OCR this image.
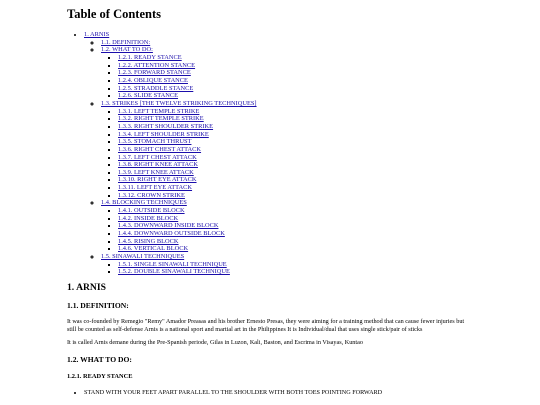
Table of Contents
• 1. ARNIS
◦ 1.1. DEFINITION:
◦ 1.2. WHAT TO DO:
▪ 1.2.1. READY STANCE
▪ 1.2.2. ATTENTION STANCE
▪ 1.2.3. FORWARD STANCE
▪ 1.2.4. OBLIQUE STANCE
▪ 1.2.5. STRADDLE STANCE
▪ 1.2.6. SLIDE STANCE
◦ 1.3. STRIKES [THE TWELVE STRIKING TECHNIQUES]
▪ 1.3.1. LEFT TEMPLE STRIKE
▪ 1.3.2. RIGHT TEMPLE STRIKE
▪ 1.3.3. RIGHT SHOULDER STRIKE
▪ 1.3.4. LEFT SHOULDER STRIKE
▪ 1.3.5. STOMACH THRUST
▪ 1.3.6. RIGHT CHEST ATTACK
▪ 1.3.7. LEFT CHEST ATTACK
▪ 1.3.8. RIGHT KNEE ATTACK
▪ 1.3.9. LEFT KNEE ATTACK
▪ 1.3.10. RIGHT EYE ATTACK
▪ 1.3.11. LEFT EYE ATTACK
▪ 1.3.12. CROWN STRIKE
◦ 1.4. BLOCKING TECHNIQUES
▪ 1.4.1. OUTSIDE BLOCK
▪ 1.4.2. INSIDE BLOCK
▪ 1.4.3. DOWNWARD INSIDE BLOCK
▪ 1.4.4. DOWNWARD OUTSIDE BLOCK
▪ 1.4.5. RISING BLOCK
▪ 1.4.6. VERTICAL BLOCK
◦ 1.5. SINAWALI TECHNIQUES
▪ 1.5.1. SINGLE SINAWALI TECHNIQUE
▪ 1.5.2. DOUBLE SINAWALI TECHNIQUE
1. ARNIS
1.1. DEFINITION:

It was co-founded by Remegio "Remy" Amador Preasas and his brother Ernesto Presas, they were aiming for a training method that can cause fewer injuries but still be counted as self-defense Arnis is a national sport and martial art in the Philippines It is Individual/dual that uses single stick/pair of sticks

It is called Arnis demane during the Pre-Spanish periode, Gilas in Luzon, Kali, Baston, and Escrima in Visayas, Kuntao

1.2. WHAT TO DO:
1.2.1. READY STANCE
• STAND WITH YOUR FEET APART PARALLEL TO THE SHOULDER WITH BOTH TOES POINTING FORWARD
